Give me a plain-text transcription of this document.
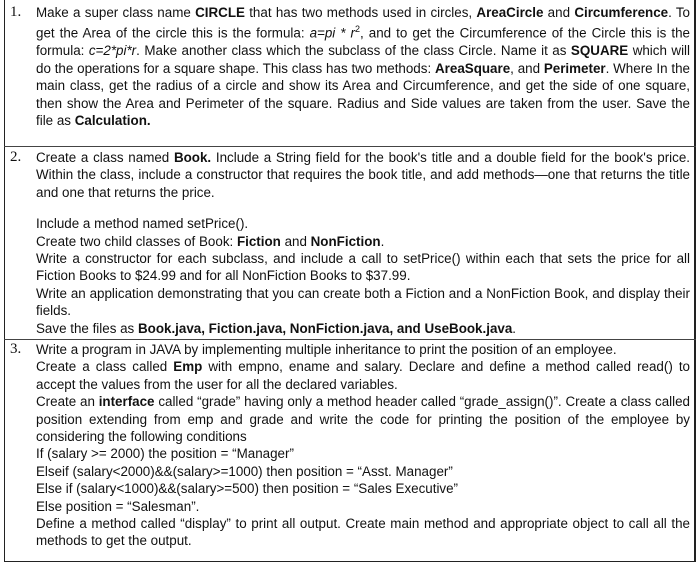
1.	Make a super class name CIRCLE that has two methods used in circles, AreaCircle and Circumference. To get the Area of the circle this is the formula: $a=pi * r^2$, and to get the Circumference of the Circle this is the formula: c=2*pi*r. Make another class which the subclass of the class Circle. Name it as SQUARE which will do the operations for a square shape. This class has two methods: AreaSquare, and Perimeter. Where In the main class, get the radius of a circle and show its Area and Circumference, and get the side of one square, then show the Area and Perimeter of the square. Radius and Side values are taken from the user. Save the file as Calculation.

2.	Create a class named Book. Include a String field for the book's title and a double field for the book's price. Within the class, include a constructor that requires the book title, and add methods—one that returns the title and one that returns the price.

Include a method named setPrice().

Create two child classes of Book: Fiction and NonFiction.

Write a constructor for each subclass, and include a call to setPrice() within each that sets the price for all Fiction Books to $24.99 and for all NonFiction Books to $37.99.

Write an application demonstrating that you can create both a Fiction and a NonFiction Book, and display their fields.

Save the files as Book.java, Fiction.java, NonFiction.java, and UseBook.java.

3.	Write a program in JAVA by implementing multiple inheritance to print the position of an employee.

Create a class called Emp with empno, ename and salary. Declare and define a method called read() to accept the values from the user for all the declared variables.

Create an interface called “grade” having only a method header called “grade_assign()”. Create a class called position extending from emp and grade and write the code for printing the position of the employee by considering the following conditions

If (salary >= 2000) the position = “Manager”

Elseif (salary<2000)&&(salary>=1000) then position = “Asst. Manager”

Else if (salary<1000)&&(salary>=500) then position = “Sales Executive”

Else position = “Salesman”.

Define a method called “display” to print all output. Create main method and appropriate object to call all the methods to get the output.
